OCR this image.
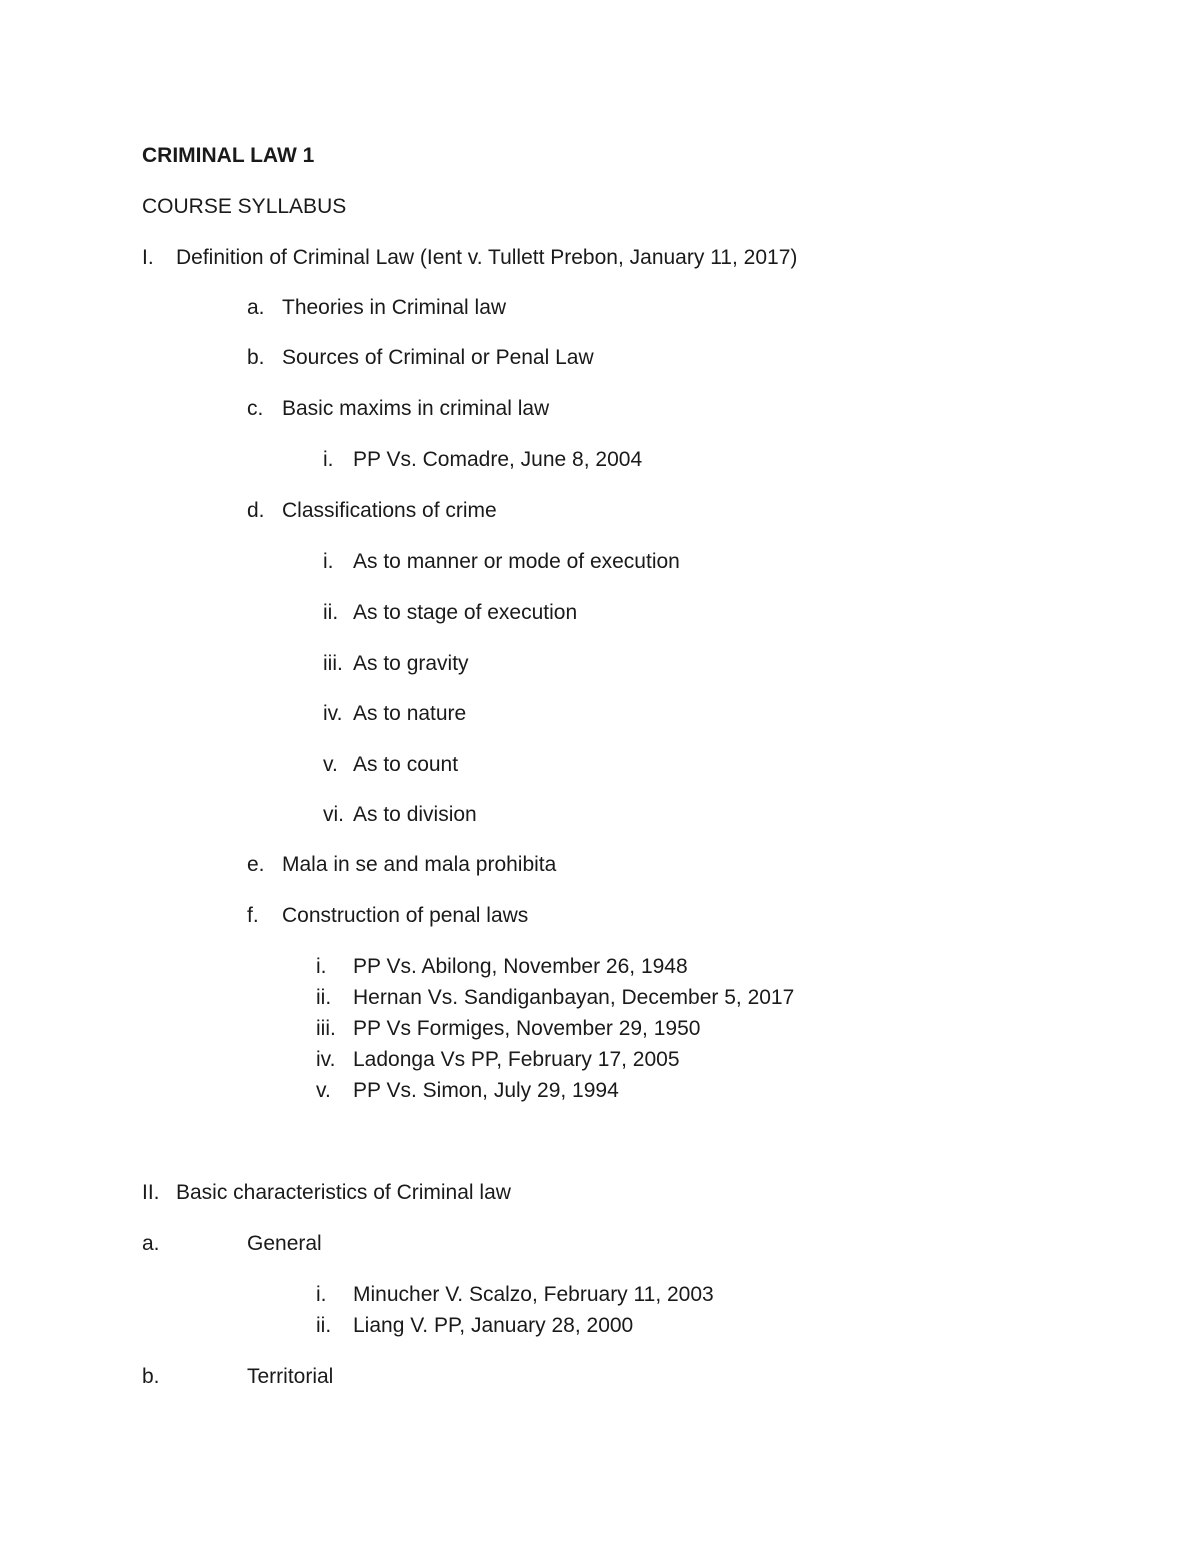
CRIMINAL LAW 1
COURSE SYLLABUS
I. Definition of Criminal Law (Ient v. Tullett Prebon, January 11, 2017)
a. Theories in Criminal law
b. Sources of Criminal or Penal Law
c. Basic maxims in criminal law
i. PP Vs. Comadre, June 8, 2004
d. Classifications of crime
i. As to manner or mode of execution
ii. As to stage of execution
iii. As to gravity
iv. As to nature
v. As to count
vi. As to division
e. Mala in se and mala prohibita
f. Construction of penal laws
i. PP Vs. Abilong, November 26, 1948
ii. Hernan Vs. Sandiganbayan, December 5, 2017
iii. PP Vs Formiges, November 29, 1950
iv. Ladonga Vs PP, February 17, 2005
v. PP Vs. Simon, July 29, 1994
II. Basic characteristics of Criminal law
a.	General
i. Minucher V. Scalzo, February 11, 2003
ii. Liang V. PP, January 28, 2000
b.	Territorial
